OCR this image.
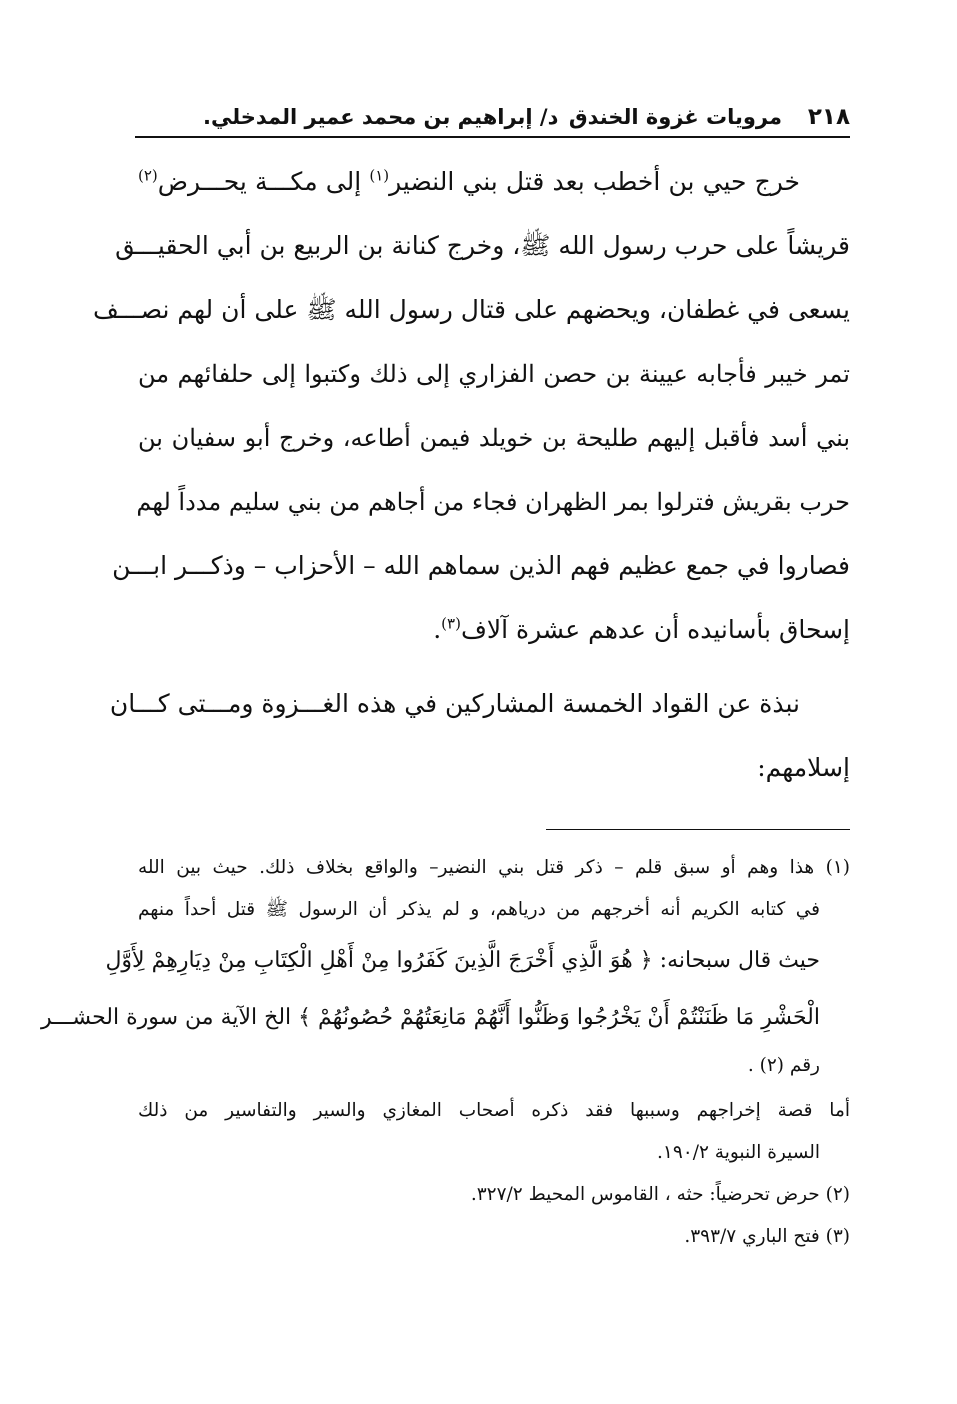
٢١٨
مرويات غزوة الخندق
د/ إبراهيم بن محمد عمير المدخلي.
خرج حيي بن أخطب بعد قتل بني النضير$^{(١)}$ إلى مكـــة يحـــرض$^{(٢)}$
قريشاً على حرب رسول الله ﷺ، وخرج كنانة بن الربيع بن أبي الحقيـــق
يسعى في غطفان، ويحضهم على قتال رسول الله ﷺ على أن لهم نصـــف
تمر خيبر فأجابه عيينة بن حصن الفزاري إلى ذلك وكتبوا إلى حلفائهم من
بني أسد فأقبل إليهم طليحة بن خويلد فيمن أطاعه، وخرج أبو سفيان بن
حرب بقريش فترلوا بمر الظهران فجاء من أجاهم من بني سليم مدداً لهم
فصاروا في جمع عظيم فهم الذين سماهم الله – الأحزاب – وذكـــر ابـــن
إسحاق بأسانيده أن عدهم عشرة آلاف$^{(٣)}$.
نبذة عن القواد الخمسة المشاركين في هذه الغـــزوة ومـــتى كـــان
إسلامهم:
(١) هذا وهم أو سبق قلم – ذكر قتل بني النضير– والواقع بخلاف ذلك. حيث بين الله
في كتابه الكريم أنه أخرجهم من درياهم، و لم يذكر أن الرسول ﷺ قتل أحداً منهم
حيث قال سبحانه: ﴿ هُوَ الَّذِي أَخْرَجَ الَّذِينَ كَفَرُوا مِنْ أَهْلِ الْكِتَابِ مِنْ دِيَارِهِمْ لِأَوَّلِ
الْحَشْرِ مَا ظَنَنْتُمْ أَنْ يَخْرُجُوا وَظَنُّوا أَنَّهُمْ مَانِعَتُهُمْ حُصُونُهُمْ ﴾ الخ الآية من سورة الحشـــر
رقم (٢) .
أما قصة إخراجهم وسببها فقد ذكره أصحاب المغازي والسير والتفاسير من ذلك
السيرة النبوية ١٩٠/٢.
(٢) حرض تحرضياً: حثه ، القاموس المحيط ٣٢٧/٢.
(٣) فتح الباري ٣٩٣/٧.
